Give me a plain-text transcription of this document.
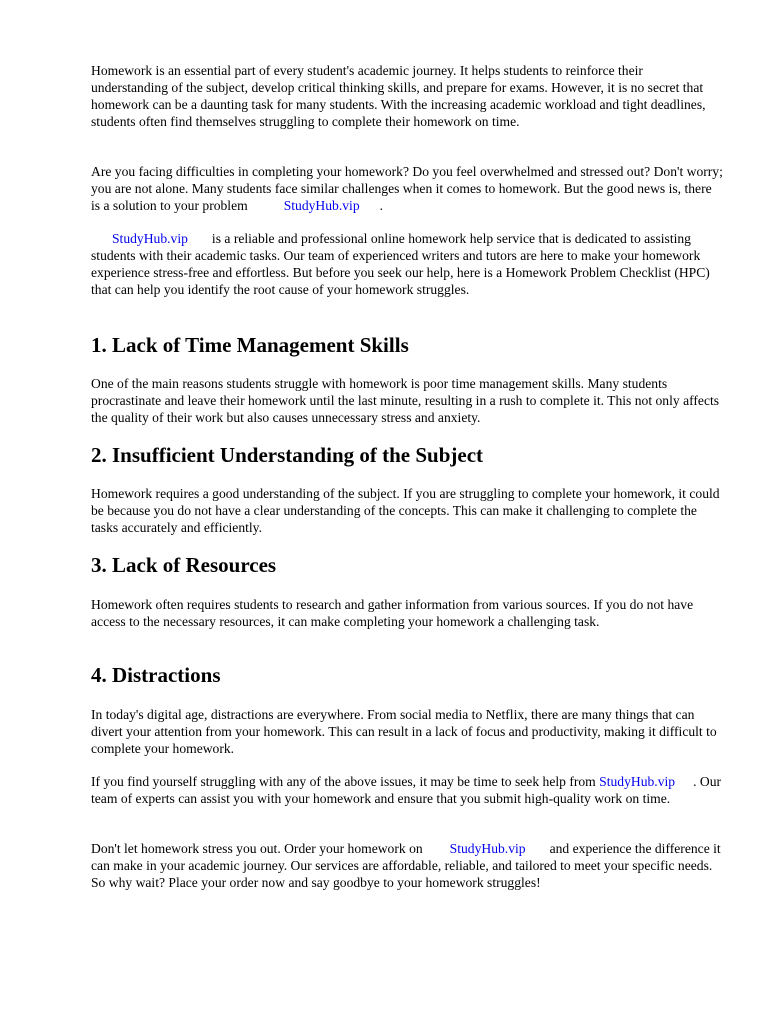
Homework is an essential part of every student's academic journey. It helps students to reinforce their understanding of the subject, develop critical thinking skills, and prepare for exams. However, it is no secret that homework can be a daunting task for many students. With the increasing academic workload and tight deadlines, students often find themselves struggling to complete their homework on time.

Are you facing difficulties in completing your homework? Do you feel overwhelmed and stressed out? Don't worry; you are not alone. Many students face similar challenges when it comes to homework. But the good news is, there is a solution to your problem	StudyHub.vip .

StudyHub.vip is a reliable and professional online homework help service that is dedicated to assisting students with their academic tasks. Our team of experienced writers and tutors are here to make your homework experience stress-free and effortless. But before you seek our help, here is a Homework Problem Checklist (HPC) that can help you identify the root cause of your homework struggles.

1. Lack of Time Management Skills

One of the main reasons students struggle with homework is poor time management skills. Many students procrastinate and leave their homework until the last minute, resulting in a rush to complete it. This not only affects the quality of their work but also causes unnecessary stress and anxiety.

2. Insufficient Understanding of the Subject

Homework requires a good understanding of the subject. If you are struggling to complete your homework, it could be because you do not have a clear understanding of the concepts. This can make it challenging to complete the tasks accurately and efficiently.

3. Lack of Resources

Homework often requires students to research and gather information from various sources. If you do not have access to the necessary resources, it can make completing your homework a challenging task.

4. Distractions

In today's digital age, distractions are everywhere. From social media to Netflix, there are many things that can divert your attention from your homework. This can result in a lack of focus and productivity, making it difficult to complete your homework.

If you find yourself struggling with any of the above issues, it may be time to seek help from StudyHub.vip . Our team of experts can assist you with your homework and ensure that you submit high-quality work on time.

Don't let homework stress you out. Order your homework on StudyHub.vip and experience the difference it can make in your academic journey. Our services are affordable, reliable, and tailored to meet your specific needs. So why wait? Place your order now and say goodbye to your homework struggles!
